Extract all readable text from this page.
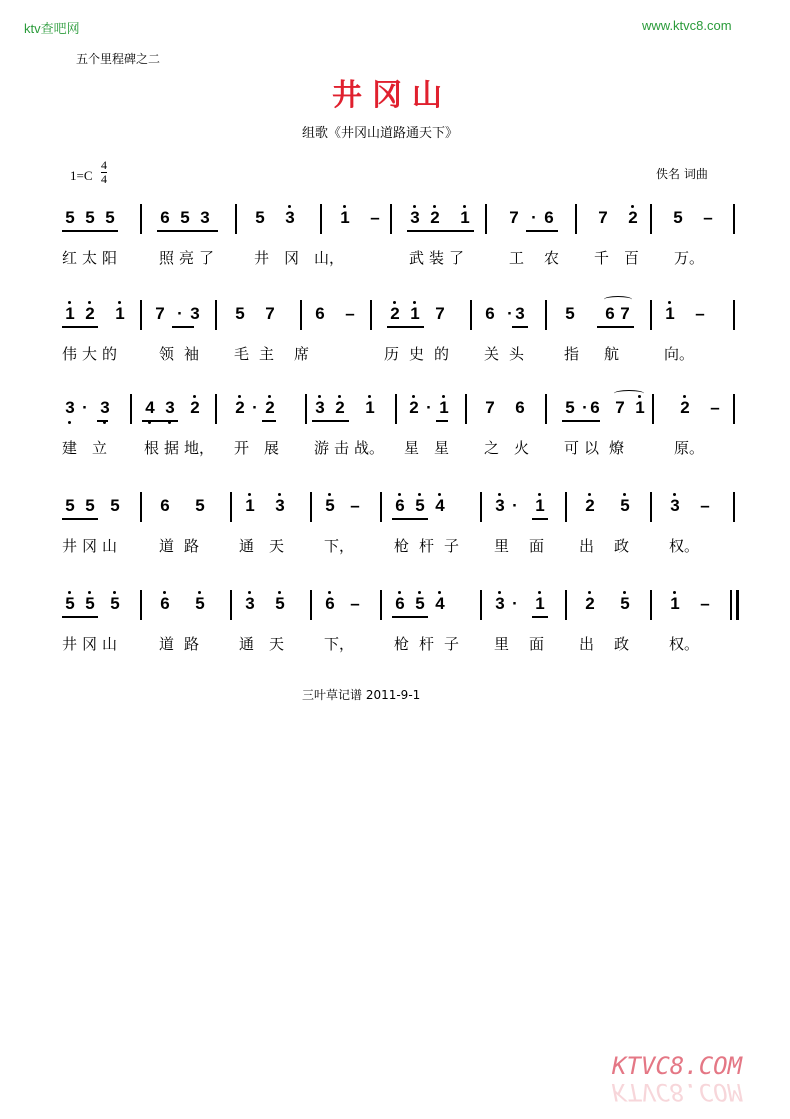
ktv查吧网	www.ktvc8.com
五个里程碑之二
井冈山
组歌《井冈山道路通天下》
$1=C \frac{4}{4}$	佚名 词曲
5 5 5	6 5 3	5 3	1 – 3 2 1 7 · 6	7 2 5 –
红 太 阳	照 亮 了	井 冈 山，	武 装 了	工 农 千 百 万。
1 2 1 7 · 3 5 7 6 – 2 1 7 6 · 3 5 6 7 1 –
伟 大 的	领 袖 毛 主 席	历 史 的 关 头	指 航	向。
3 · 3 4 3 2 2 · 2 3 2 1 2 · 1 7 6 5 · 6 7 1 2 –
建 立 根 据 地， 开 展 游 击 战。 星 星 之 火 可 以 燎	原。
5 5 5 6 5 1 3 5 – 6 5 4	3 ·	1 2 5 3 –
井 冈 山	道 路	通 天	下，	枪 杆 子 里 面 出 政	权。
5 5 5 6 5 3 5 6 – 6 5 4	3 ·	1 2 5 1 –
井 冈 山	道 路	通 天	下，	枪 杆 子 里 面 出 政	权。
三叶草记谱 2011-9-1
KTVC8.COM
KTVC8.COM
